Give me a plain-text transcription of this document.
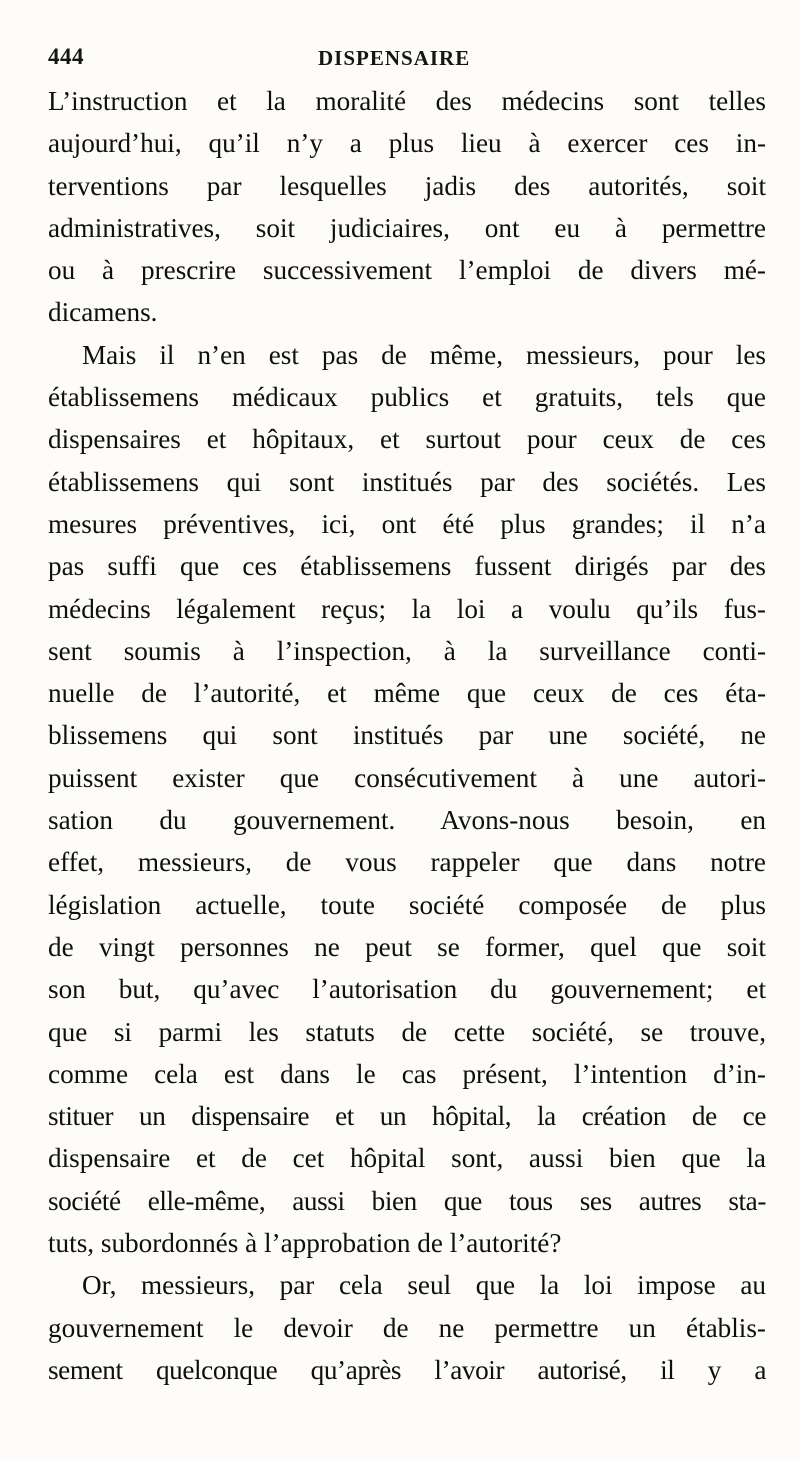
444	DISPENSAIRE
L’instruction et la moralité des médecins sont telles
aujourd’hui, qu’il n’y a plus lieu à exercer ces in-
terventions par lesquelles jadis des autorités, soit
administratives, soit judiciaires, ont eu à permettre
ou à prescrire successivement l’emploi de divers mé-
dicamens.
Mais il n’en est pas de même, messieurs, pour les
établissemens médicaux publics et gratuits, tels que
dispensaires et hôpitaux, et surtout pour ceux de ces
établissemens qui sont institués par des sociétés. Les
mesures préventives, ici, ont été plus grandes; il n’a
pas suffi que ces établissemens fussent dirigés par des
médecins légalement reçus; la loi a voulu qu’ils fus-
sent soumis à l’inspection, à la surveillance conti-
nuelle de l’autorité, et même que ceux de ces éta-
blissemens qui sont institués par une société, ne
puissent exister que consécutivement à une autori-
sation du gouvernement. Avons-nous besoin, en
effet, messieurs, de vous rappeler que dans notre
législation actuelle, toute société composée de plus
de vingt personnes ne peut se former, quel que soit
son but, qu’avec l’autorisation du gouvernement; et
que si parmi les statuts de cette société, se trouve,
comme cela est dans le cas présent, l’intention d’in-
stituer un dispensaire et un hôpital, la création de ce
dispensaire et de cet hôpital sont, aussi bien que la
société elle-même, aussi bien que tous ses autres sta-
tuts, subordonnés à l’approbation de l’autorité?
Or, messieurs, par cela seul que la loi impose au
gouvernement le devoir de ne permettre un établis-
sement quelconque qu’après l’avoir autorisé, il y a
